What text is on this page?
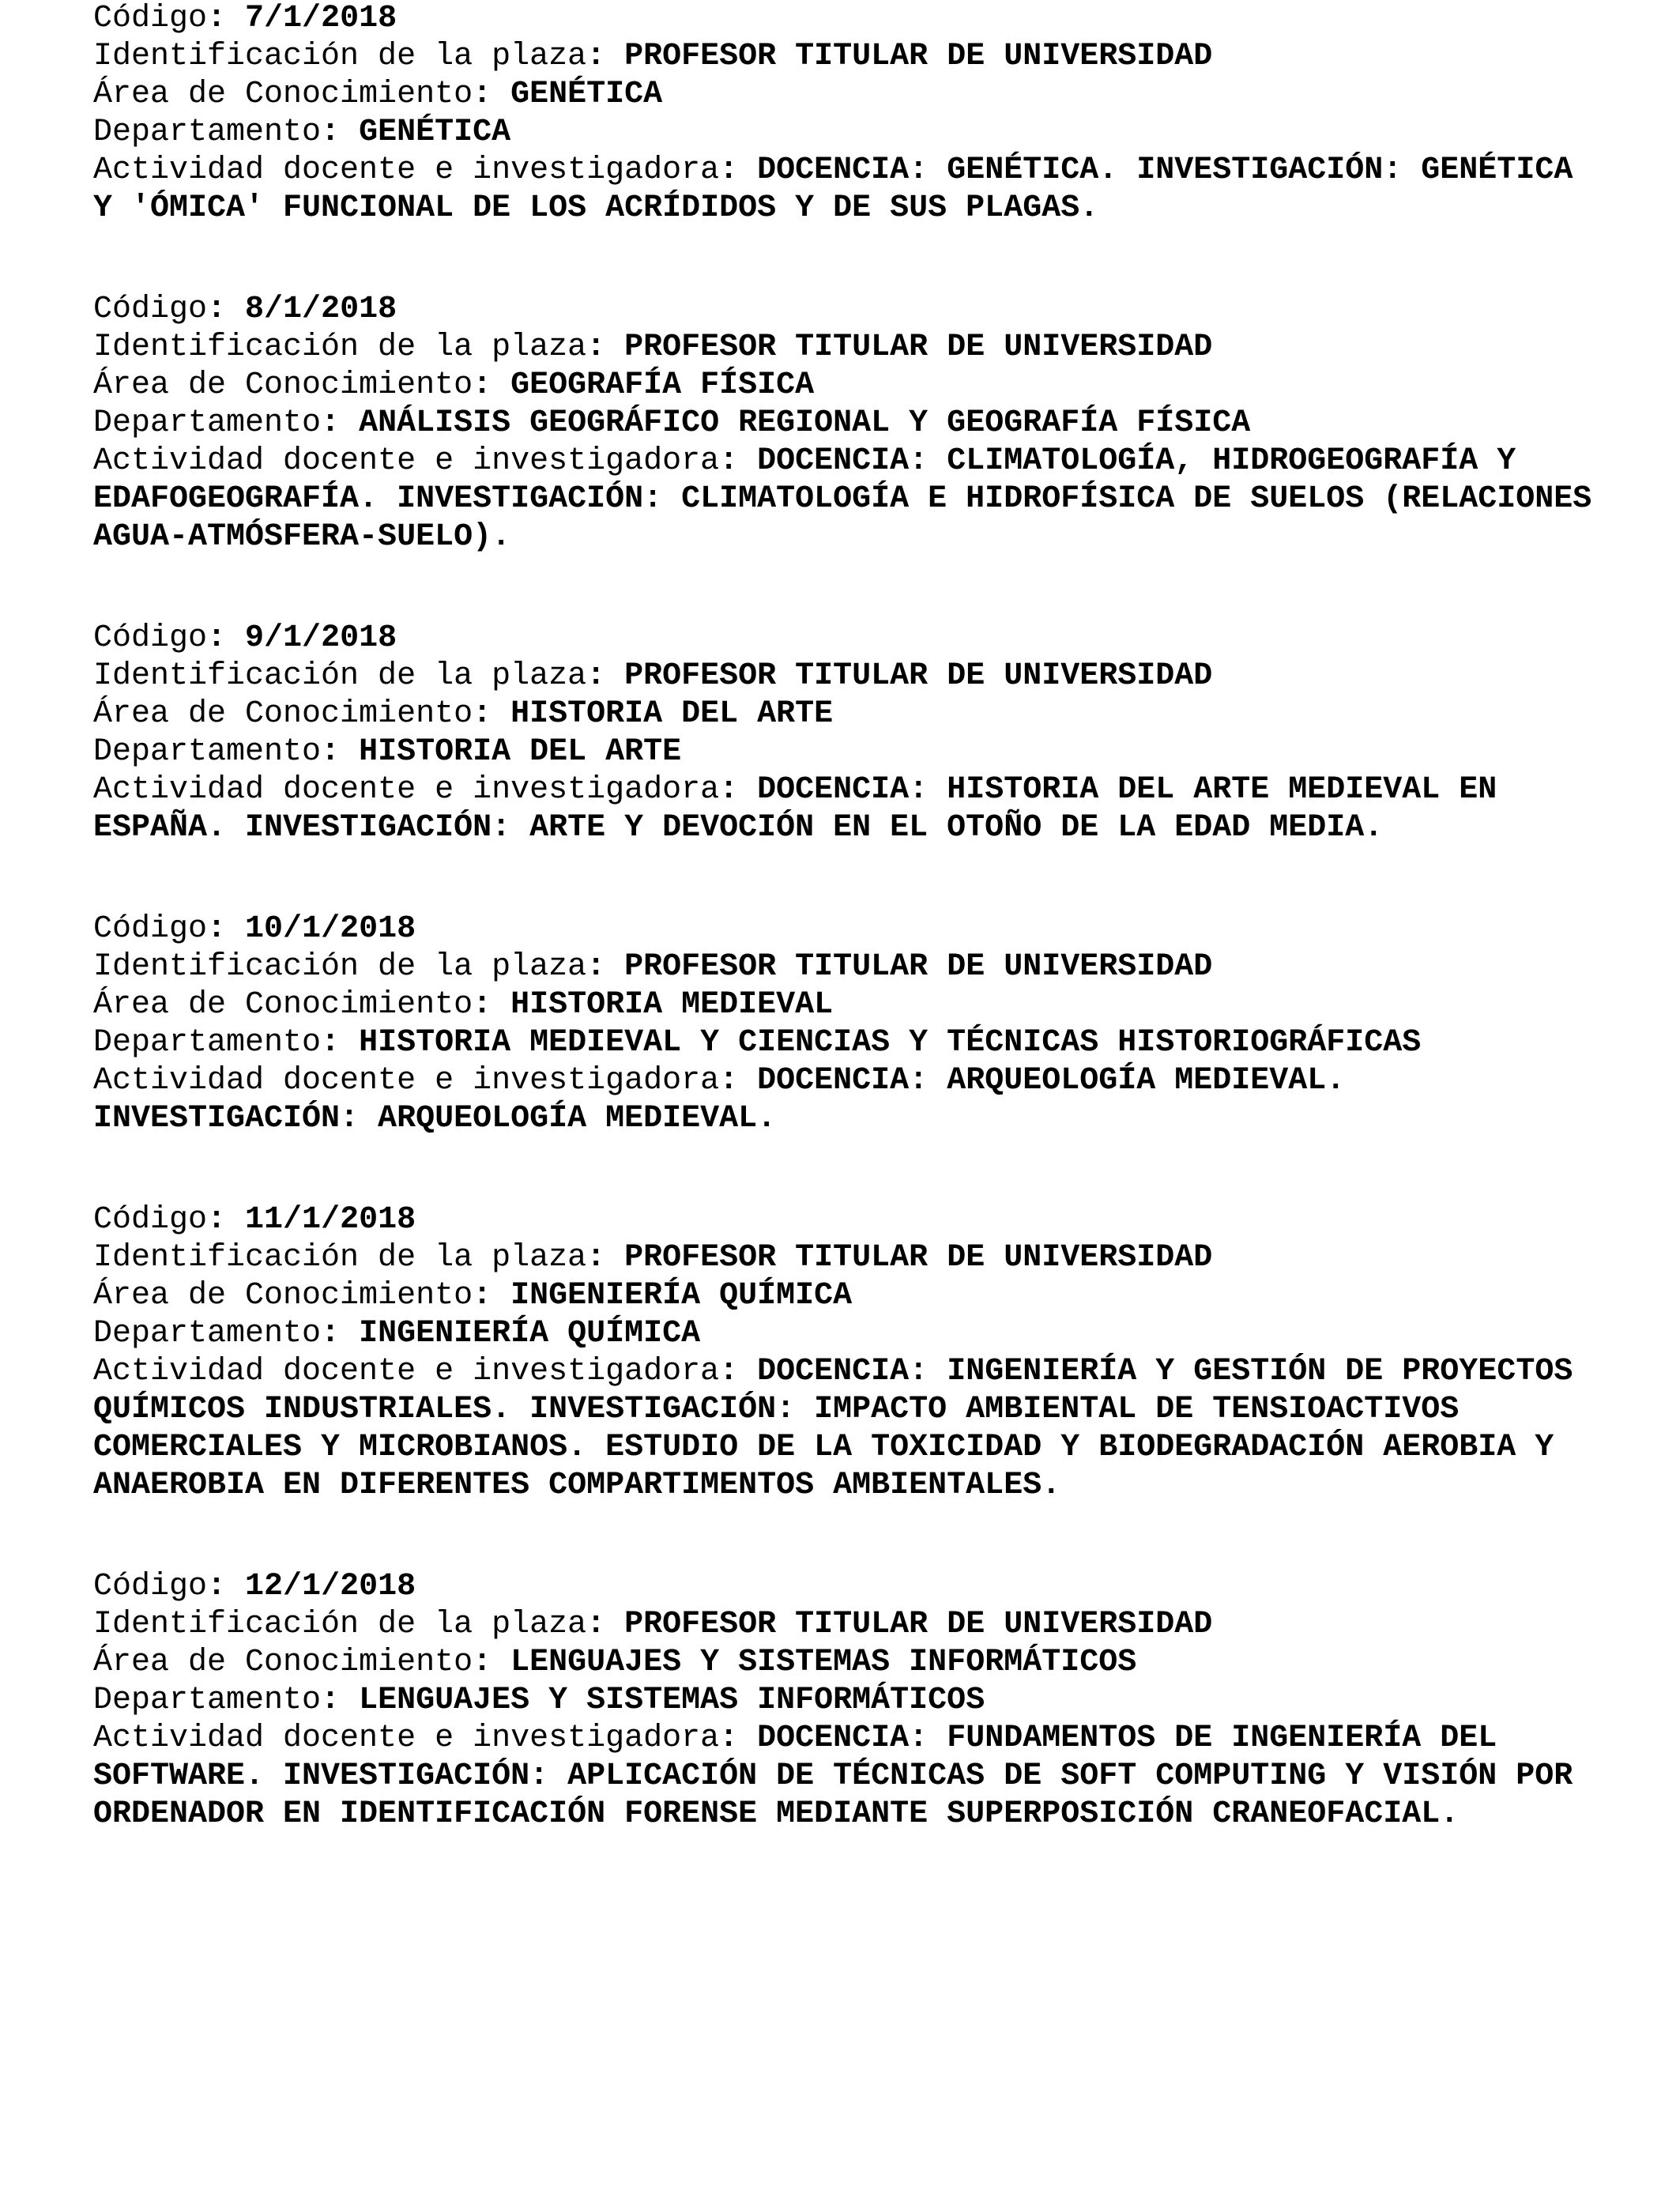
Código: 7/1/2018
Identificación de la plaza: PROFESOR TITULAR DE UNIVERSIDAD
Área de Conocimiento: GENÉTICA
Departamento: GENÉTICA
Actividad docente e investigadora: DOCENCIA: GENÉTICA. INVESTIGACIÓN: GENÉTICA Y 'ÓMICA' FUNCIONAL DE LOS ACRÍDIDOS Y DE SUS PLAGAS.
Código: 8/1/2018
Identificación de la plaza: PROFESOR TITULAR DE UNIVERSIDAD
Área de Conocimiento: GEOGRAFÍA FÍSICA
Departamento: ANÁLISIS GEOGRÁFICO REGIONAL Y GEOGRAFÍA FÍSICA
Actividad docente e investigadora: DOCENCIA: CLIMATOLOGÍA, HIDROGEOGRAFÍA Y EDAFOGEOGRAFÍA. INVESTIGACIÓN: CLIMATOLOGÍA E HIDROFÍSICA DE SUELOS (RELACIONES AGUA-ATMÓSFERA-SUELO).
Código: 9/1/2018
Identificación de la plaza: PROFESOR TITULAR DE UNIVERSIDAD
Área de Conocimiento: HISTORIA DEL ARTE
Departamento: HISTORIA DEL ARTE
Actividad docente e investigadora: DOCENCIA: HISTORIA DEL ARTE MEDIEVAL EN ESPAÑA. INVESTIGACIÓN: ARTE Y DEVOCIÓN EN EL OTOÑO DE LA EDAD MEDIA.
Código: 10/1/2018
Identificación de la plaza: PROFESOR TITULAR DE UNIVERSIDAD
Área de Conocimiento: HISTORIA MEDIEVAL
Departamento: HISTORIA MEDIEVAL Y CIENCIAS Y TÉCNICAS HISTORIOGRÁFICAS
Actividad docente e investigadora: DOCENCIA: ARQUEOLOGÍA MEDIEVAL. INVESTIGACIÓN: ARQUEOLOGÍA MEDIEVAL.
Código: 11/1/2018
Identificación de la plaza: PROFESOR TITULAR DE UNIVERSIDAD
Área de Conocimiento: INGENIERÍA QUÍMICA
Departamento: INGENIERÍA QUÍMICA
Actividad docente e investigadora: DOCENCIA: INGENIERÍA Y GESTIÓN DE PROYECTOS QUÍMICOS INDUSTRIALES. INVESTIGACIÓN: IMPACTO AMBIENTAL DE TENSIOACTIVOS COMERCIALES Y MICROBIANOS. ESTUDIO DE LA TOXICIDAD Y BIODEGRADACIÓN AEROBIA Y ANAEROBIA EN DIFERENTES COMPARTIMENTOS AMBIENTALES.
Código: 12/1/2018
Identificación de la plaza: PROFESOR TITULAR DE UNIVERSIDAD
Área de Conocimiento: LENGUAJES Y SISTEMAS INFORMÁTICOS
Departamento: LENGUAJES Y SISTEMAS INFORMÁTICOS
Actividad docente e investigadora: DOCENCIA: FUNDAMENTOS DE INGENIERÍA DEL SOFTWARE. INVESTIGACIÓN: APLICACIÓN DE TÉCNICAS DE SOFT COMPUTING Y VISIÓN POR ORDENADOR EN IDENTIFICACIÓN FORENSE MEDIANTE SUPERPOSICIÓN CRANEOFACIAL.
